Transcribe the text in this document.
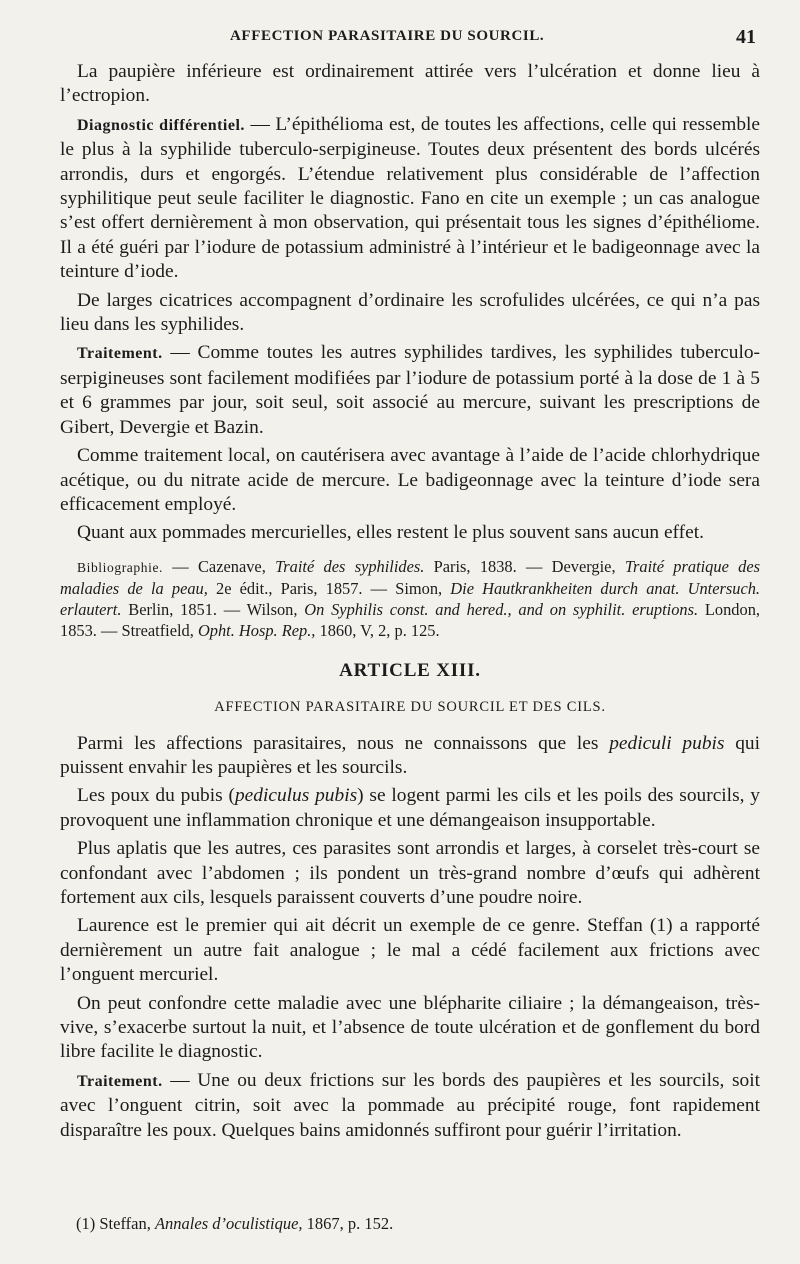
AFFECTION PARASITAIRE DU SOURCIL.	41

La paupière inférieure est ordinairement attirée vers l’ulcération et donne lieu à l’ectropion.

Diagnostic différentiel. — L’épithélioma est, de toutes les affections, celle qui ressemble le plus à la syphilide tuberculo-serpigineuse. Toutes deux présentent des bords ulcérés arrondis, durs et engorgés. L’étendue relativement plus considérable de l’affection syphilitique peut seule faciliter le diagnostic. Fano en cite un exemple ; un cas analogue s’est offert dernièrement à mon observation, qui présentait tous les signes d’épithéliome. Il a été guéri par l’iodure de potassium administré à l’intérieur et le badigeonnage avec la teinture d’iode.

De larges cicatrices accompagnent d’ordinaire les scrofulides ulcérées, ce qui n’a pas lieu dans les syphilides.

Traitement. — Comme toutes les autres syphilides tardives, les syphilides tuberculo-serpigineuses sont facilement modifiées par l’iodure de potassium porté à la dose de 1 à 5 et 6 grammes par jour, soit seul, soit associé au mercure, suivant les prescriptions de Gibert, Devergie et Bazin.

Comme traitement local, on cautérisera avec avantage à l’aide de l’acide chlorhydrique acétique, ou du nitrate acide de mercure. Le badigeonnage avec la teinture d’iode sera efficacement employé.

Quant aux pommades mercurielles, elles restent le plus souvent sans aucun effet.

Bibliographie. — Cazenave, Traité des syphilides. Paris, 1838. — Devergie, Traité pratique des maladies de la peau, 2e édit., Paris, 1857. — Simon, Die Hautkrankheiten durch anat. Untersuch. erlautert. Berlin, 1851. — Wilson, On Syphilis const. and hered., and on syphilit. eruptions. London, 1853. — Streatfield, Opht. Hosp. Rep., 1860, V, 2, p. 125.

ARTICLE XIII.
AFFECTION PARASITAIRE DU SOURCIL ET DES CILS.

Parmi les affections parasitaires, nous ne connaissons que les pediculi pubis qui puissent envahir les paupières et les sourcils.

Les poux du pubis (pediculus pubis) se logent parmi les cils et les poils des sourcils, y provoquent une inflammation chronique et une démangeaison insupportable.

Plus aplatis que les autres, ces parasites sont arrondis et larges, à corselet très-court se confondant avec l’abdomen ; ils pondent un très-grand nombre d’œufs qui adhèrent fortement aux cils, lesquels paraissent couverts d’une poudre noire.

Laurence est le premier qui ait décrit un exemple de ce genre. Steffan (1) a rapporté dernièrement un autre fait analogue ; le mal a cédé facilement aux frictions avec l’onguent mercuriel.

On peut confondre cette maladie avec une blépharite ciliaire ; la démangeaison, très-vive, s’exacerbe surtout la nuit, et l’absence de toute ulcération et de gonflement du bord libre facilite le diagnostic.

Traitement. — Une ou deux frictions sur les bords des paupières et les sourcils, soit avec l’onguent citrin, soit avec la pommade au précipité rouge, font rapidement disparaître les poux. Quelques bains amidonnés suffiront pour guérir l’irritation.

(1) Steffan, Annales d’oculistique, 1867, p. 152.
